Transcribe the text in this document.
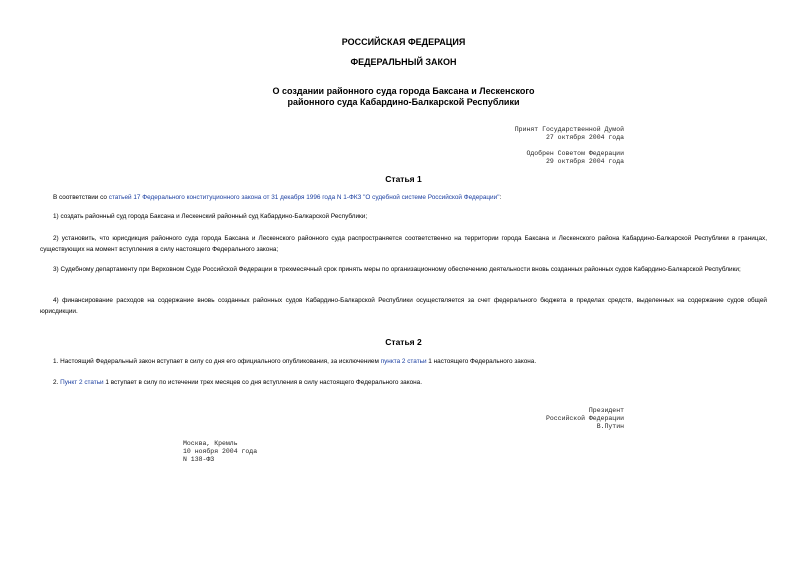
РОССИЙСКАЯ ФЕДЕРАЦИЯ
ФЕДЕРАЛЬНЫЙ ЗАКОН
О создании районного суда города Баксана и Лескенского
районного суда Кабардино-Балкарской Республики
Принят Государственной Думой
27 октября 2004 года
Одобрен Советом Федерации
29 октября 2004 года
Статья 1
В соответствии со статьей 17 Федерального конституционного закона от 31 декабря 1996 года N 1-ФКЗ "О судебной системе Российской Федерации":
1) создать районный суд города Баксана и Лескенский районный суд Кабардино-Балкарской Республики;
2) установить, что юрисдикция районного суда города Баксана и Лескенского районного суда распространяется соответственно на территории города Баксана и Лескенского района Кабардино-Балкарской Республики в границах, существующих на момент вступления в силу настоящего Федерального закона;
3) Судебному департаменту при Верховном Суде Российской Федерации в трехмесячный срок принять меры по организационному обеспечению деятельности вновь созданных районных судов Кабардино-Балкарской Республики;
4) финансирование расходов на содержание вновь созданных районных судов Кабардино-Балкарской Республики осуществляется за счет федерального бюджета в пределах средств, выделенных на содержание судов общей юрисдикции.
Статья 2
1. Настоящий Федеральный закон вступает в силу со дня его официального опубликования, за исключением пункта 2 статьи 1 настоящего Федерального закона.
2. Пункт 2 статьи 1 вступает в силу по истечении трех месяцев со дня вступления в силу настоящего Федерального закона.
Президент
Российской Федерации
В.Путин
Москва, Кремль
10 ноября 2004 года
N 138-ФЗ
